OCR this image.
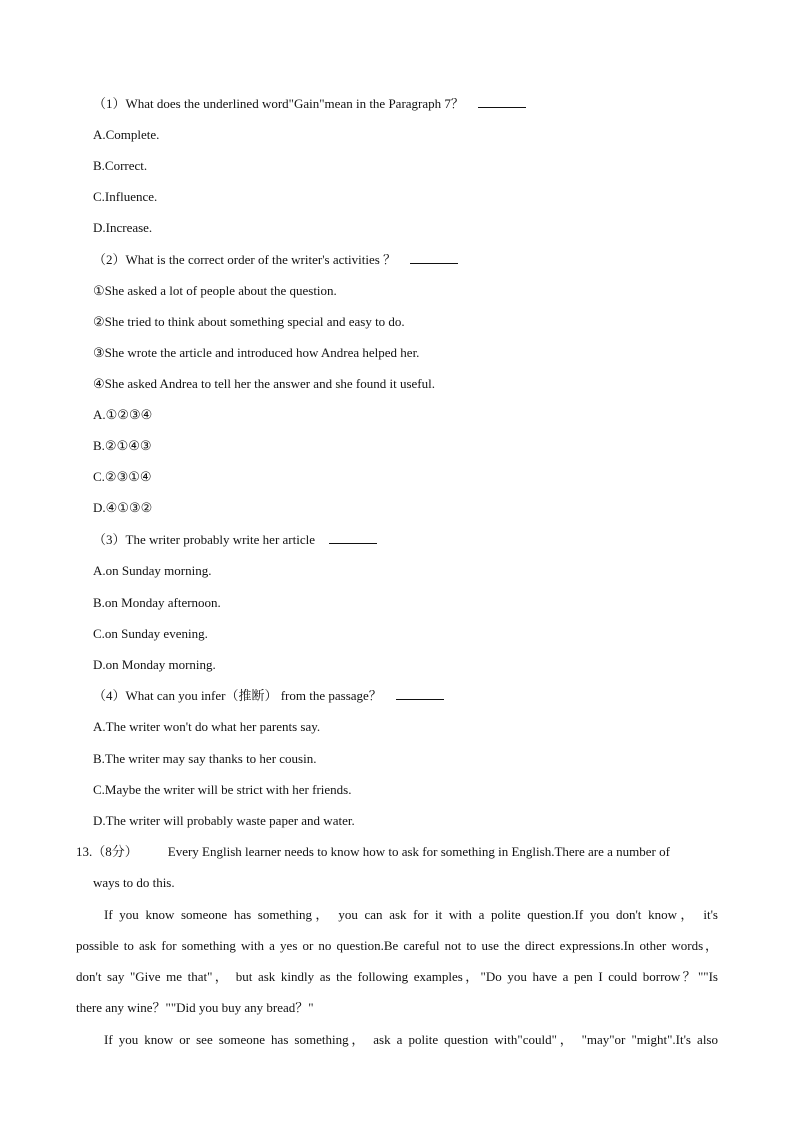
（1）What does the underlined word"Gain"mean in the Paragraph 7？
A.Complete.
B.Correct.
C.Influence.
D.Increase.
（2）What is the correct order of the writer's activities ？
①She asked a lot of people about the question.
②She tried to think about something special and easy to do.
③She wrote the article and introduced how Andrea helped her.
④She asked Andrea to tell her the answer and she found it useful.
A.①②③④
B.②①④③
C.②③①④
D.④①③②
（3）The writer probably write her article
A.on Sunday morning.
B.on Monday afternoon.
C.on Sunday evening.
D.on Monday morning.
（4）What can you infer（推断） from the passage？
A.The writer won't do what her parents say.
B.The writer may say thanks to her cousin.
C.Maybe the writer will be strict with her friends.
D.The writer will probably waste paper and water.
13.（8分） Every English learner needs to know how to ask for something in English.There are a number of
ways to do this.
If you know someone has something， you can ask for it with a polite question.If you don't know， it's
possible to ask for something with a yes or no question.Be careful not to use the direct expressions.In other words，
don't say "Give me that"， but ask kindly as the following examples，"Do you have a pen I could borrow？""Is
there any wine？""Did you buy any bread？"
If you know or see someone has something， ask a polite question with"could"， "may"or "might".It's also
